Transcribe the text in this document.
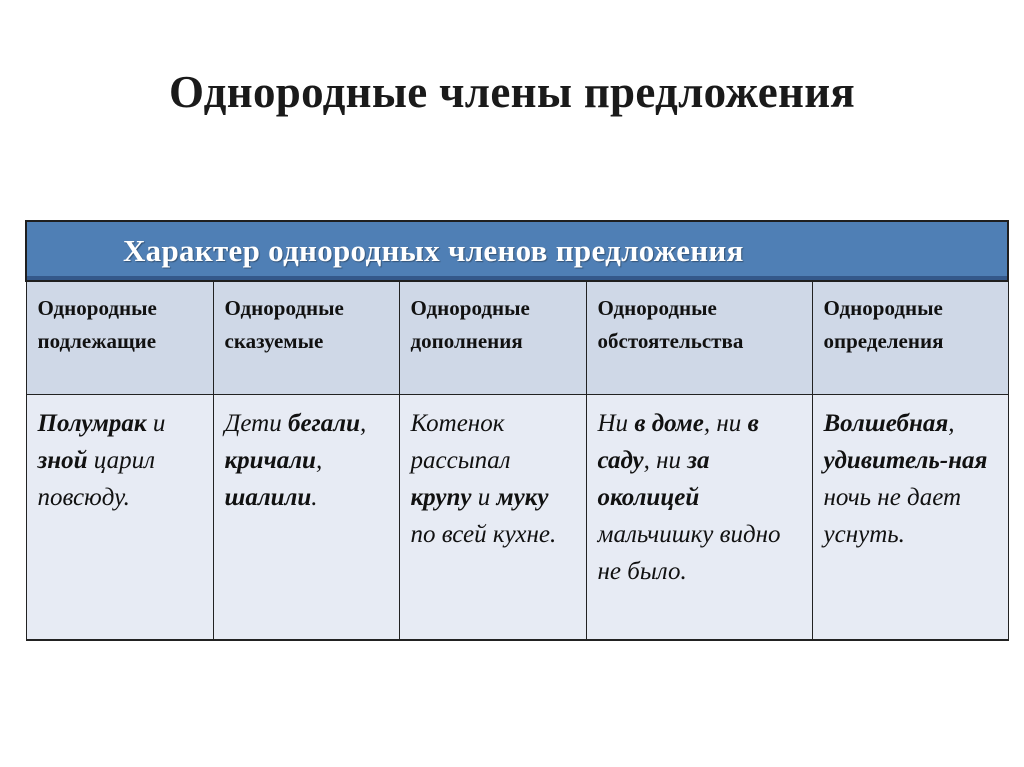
Однородные члены предложения
Характер однородных членов предложения				
Однородные подлежащие	Однородные сказуемые	Однородные дополнения	Однородные обстоятельства	Однородные определения
Полумрак и зной царил повсюду.	Дети бегали, кричали, шалили.	Котенок рассыпал крупу и муку по всей кухне.	Ни в доме, ни в саду, ни за околицей мальчишку видно не было.	Волшебная, удивитель-ная ночь не дает уснуть.
